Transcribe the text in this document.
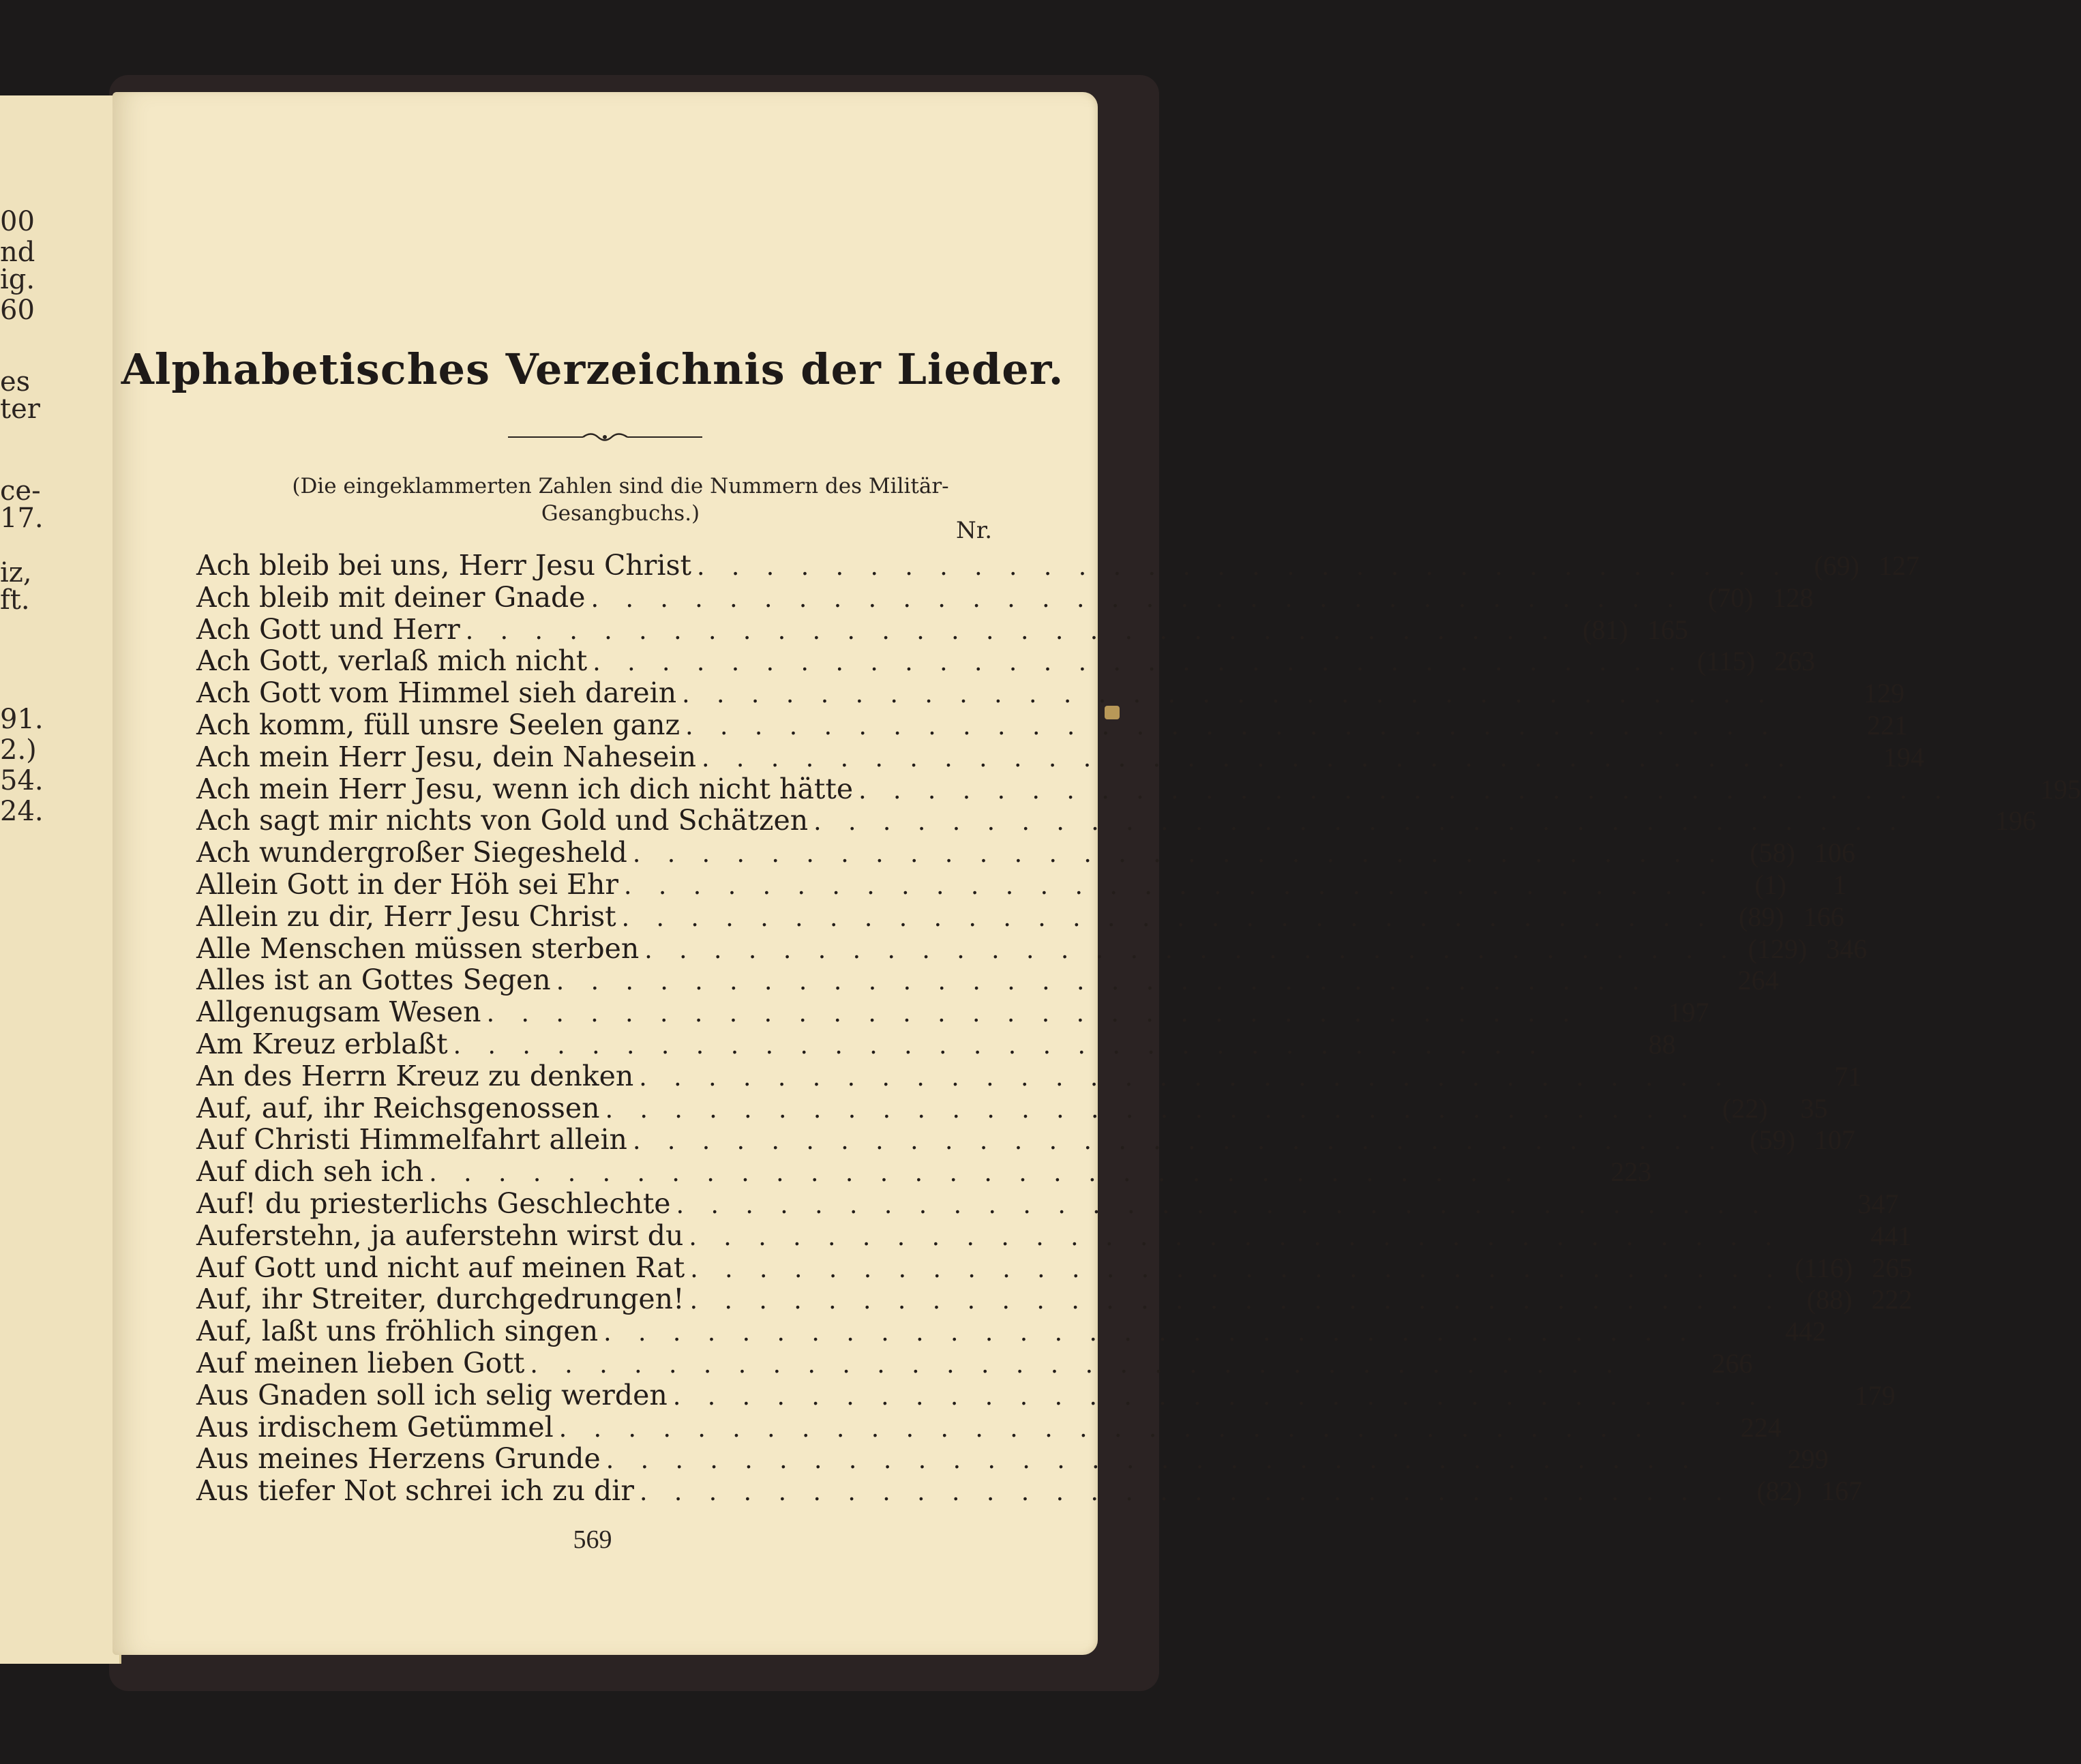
00
nd
ig.
60
es
ter
ce-
17.
iz,
ft.
91.
2.)
54.
24.
Alphabetisches Verzeichnis der Lieder.
(Die eingeklammerten Zahlen sind die Nummern des Militär-Gesangbuchs.)
Nr.
Ach bleib bei uns, Herr Jesu Christ . . . . . . . . . . . . . . . . . . . . . . . . . . . . . . . . (69) 127
Ach bleib mit deiner Gnade . . . . . . . . . . . . . . . . . . . . . . . . . . . . . . . . (70) 128
Ach Gott und Herr . . . . . . . . . . . . . . . . . . . . . . . . . . . . . . . . (81) 165
Ach Gott, verlaß mich nicht . . . . . . . . . . . . . . . . . . . . . . . . . . . . . . . . (115) 263
Ach Gott vom Himmel sieh darein . . . . . . . . . . . . . . . . . . . . . . . . . . . . . . . .	129
Ach komm, füll unsre Seelen ganz . . . . . . . . . . . . . . . . . . . . . . . . . . . . . . . .	221
Ach mein Herr Jesu, dein Nahesein . . . . . . . . . . . . . . . . . . . . . . . . . . . . . . . .	194
Ach mein Herr Jesu, wenn ich dich nicht hätte . . . . . . . . . . . . . . . . . . . . . . . . . . . . . . . .	195
Ach sagt mir nichts von Gold und Schätzen . . . . . . . . . . . . . . . . . . . . . . . . . . . . . . . .	196
Ach wundergroßer Siegesheld . . . . . . . . . . . . . . . . . . . . . . . . . . . . . . . . (58) 106
Allein Gott in der Höh sei Ehr . . . . . . . . . . . . . . . . . . . . . . . . . . . . . . . .	(1)	1
Allein zu dir, Herr Jesu Christ . . . . . . . . . . . . . . . . . . . . . . . . . . . . . . . . (89) 166
Alle Menschen müssen sterben . . . . . . . . . . . . . . . . . . . . . . . . . . . . . . . . (129) 346
Alles ist an Gottes Segen . . . . . . . . . . . . . . . . . . . . . . . . . . . . . . . .	264
Allgenugsam Wesen . . . . . . . . . . . . . . . . . . . . . . . . . . . . . . . .	197
Am Kreuz erblaßt . . . . . . . . . . . . . . . . . . . . . . . . . . . . . . . .	88
An des Herrn Kreuz zu denken . . . . . . . . . . . . . . . . . . . . . . . . . . . . . . . .	71
Auf, auf, ihr Reichsgenossen . . . . . . . . . . . . . . . . . . . . . . . . . . . . . . . . (22)	35
Auf Christi Himmelfahrt allein . . . . . . . . . . . . . . . . . . . . . . . . . . . . . . . . (59) 107
Auf dich seh ich . . . . . . . . . . . . . . . . . . . . . . . . . . . . . . . .	223
Auf! du priesterlichs Geschlechte . . . . . . . . . . . . . . . . . . . . . . . . . . . . . . . .	347
Auferstehn, ja auferstehn wirst du . . . . . . . . . . . . . . . . . . . . . . . . . . . . . . . .	441
Auf Gott und nicht auf meinen Rat . . . . . . . . . . . . . . . . . . . . . . . . . . . . . . . . (116) 265
Auf, ihr Streiter, durchgedrungen! . . . . . . . . . . . . . . . . . . . . . . . . . . . . . . . . (88) 222
Auf, laßt uns fröhlich singen . . . . . . . . . . . . . . . . . . . . . . . . . . . . . . . .	442
Auf meinen lieben Gott . . . . . . . . . . . . . . . . . . . . . . . . . . . . . . . .	266
Aus Gnaden soll ich selig werden . . . . . . . . . . . . . . . . . . . . . . . . . . . . . . . .	179
Aus irdischem Getümmel . . . . . . . . . . . . . . . . . . . . . . . . . . . . . . . .	224
Aus meines Herzens Grunde . . . . . . . . . . . . . . . . . . . . . . . . . . . . . . . .	299
Aus tiefer Not schrei ich zu dir . . . . . . . . . . . . . . . . . . . . . . . . . . . . . . . . (82) 167
569
